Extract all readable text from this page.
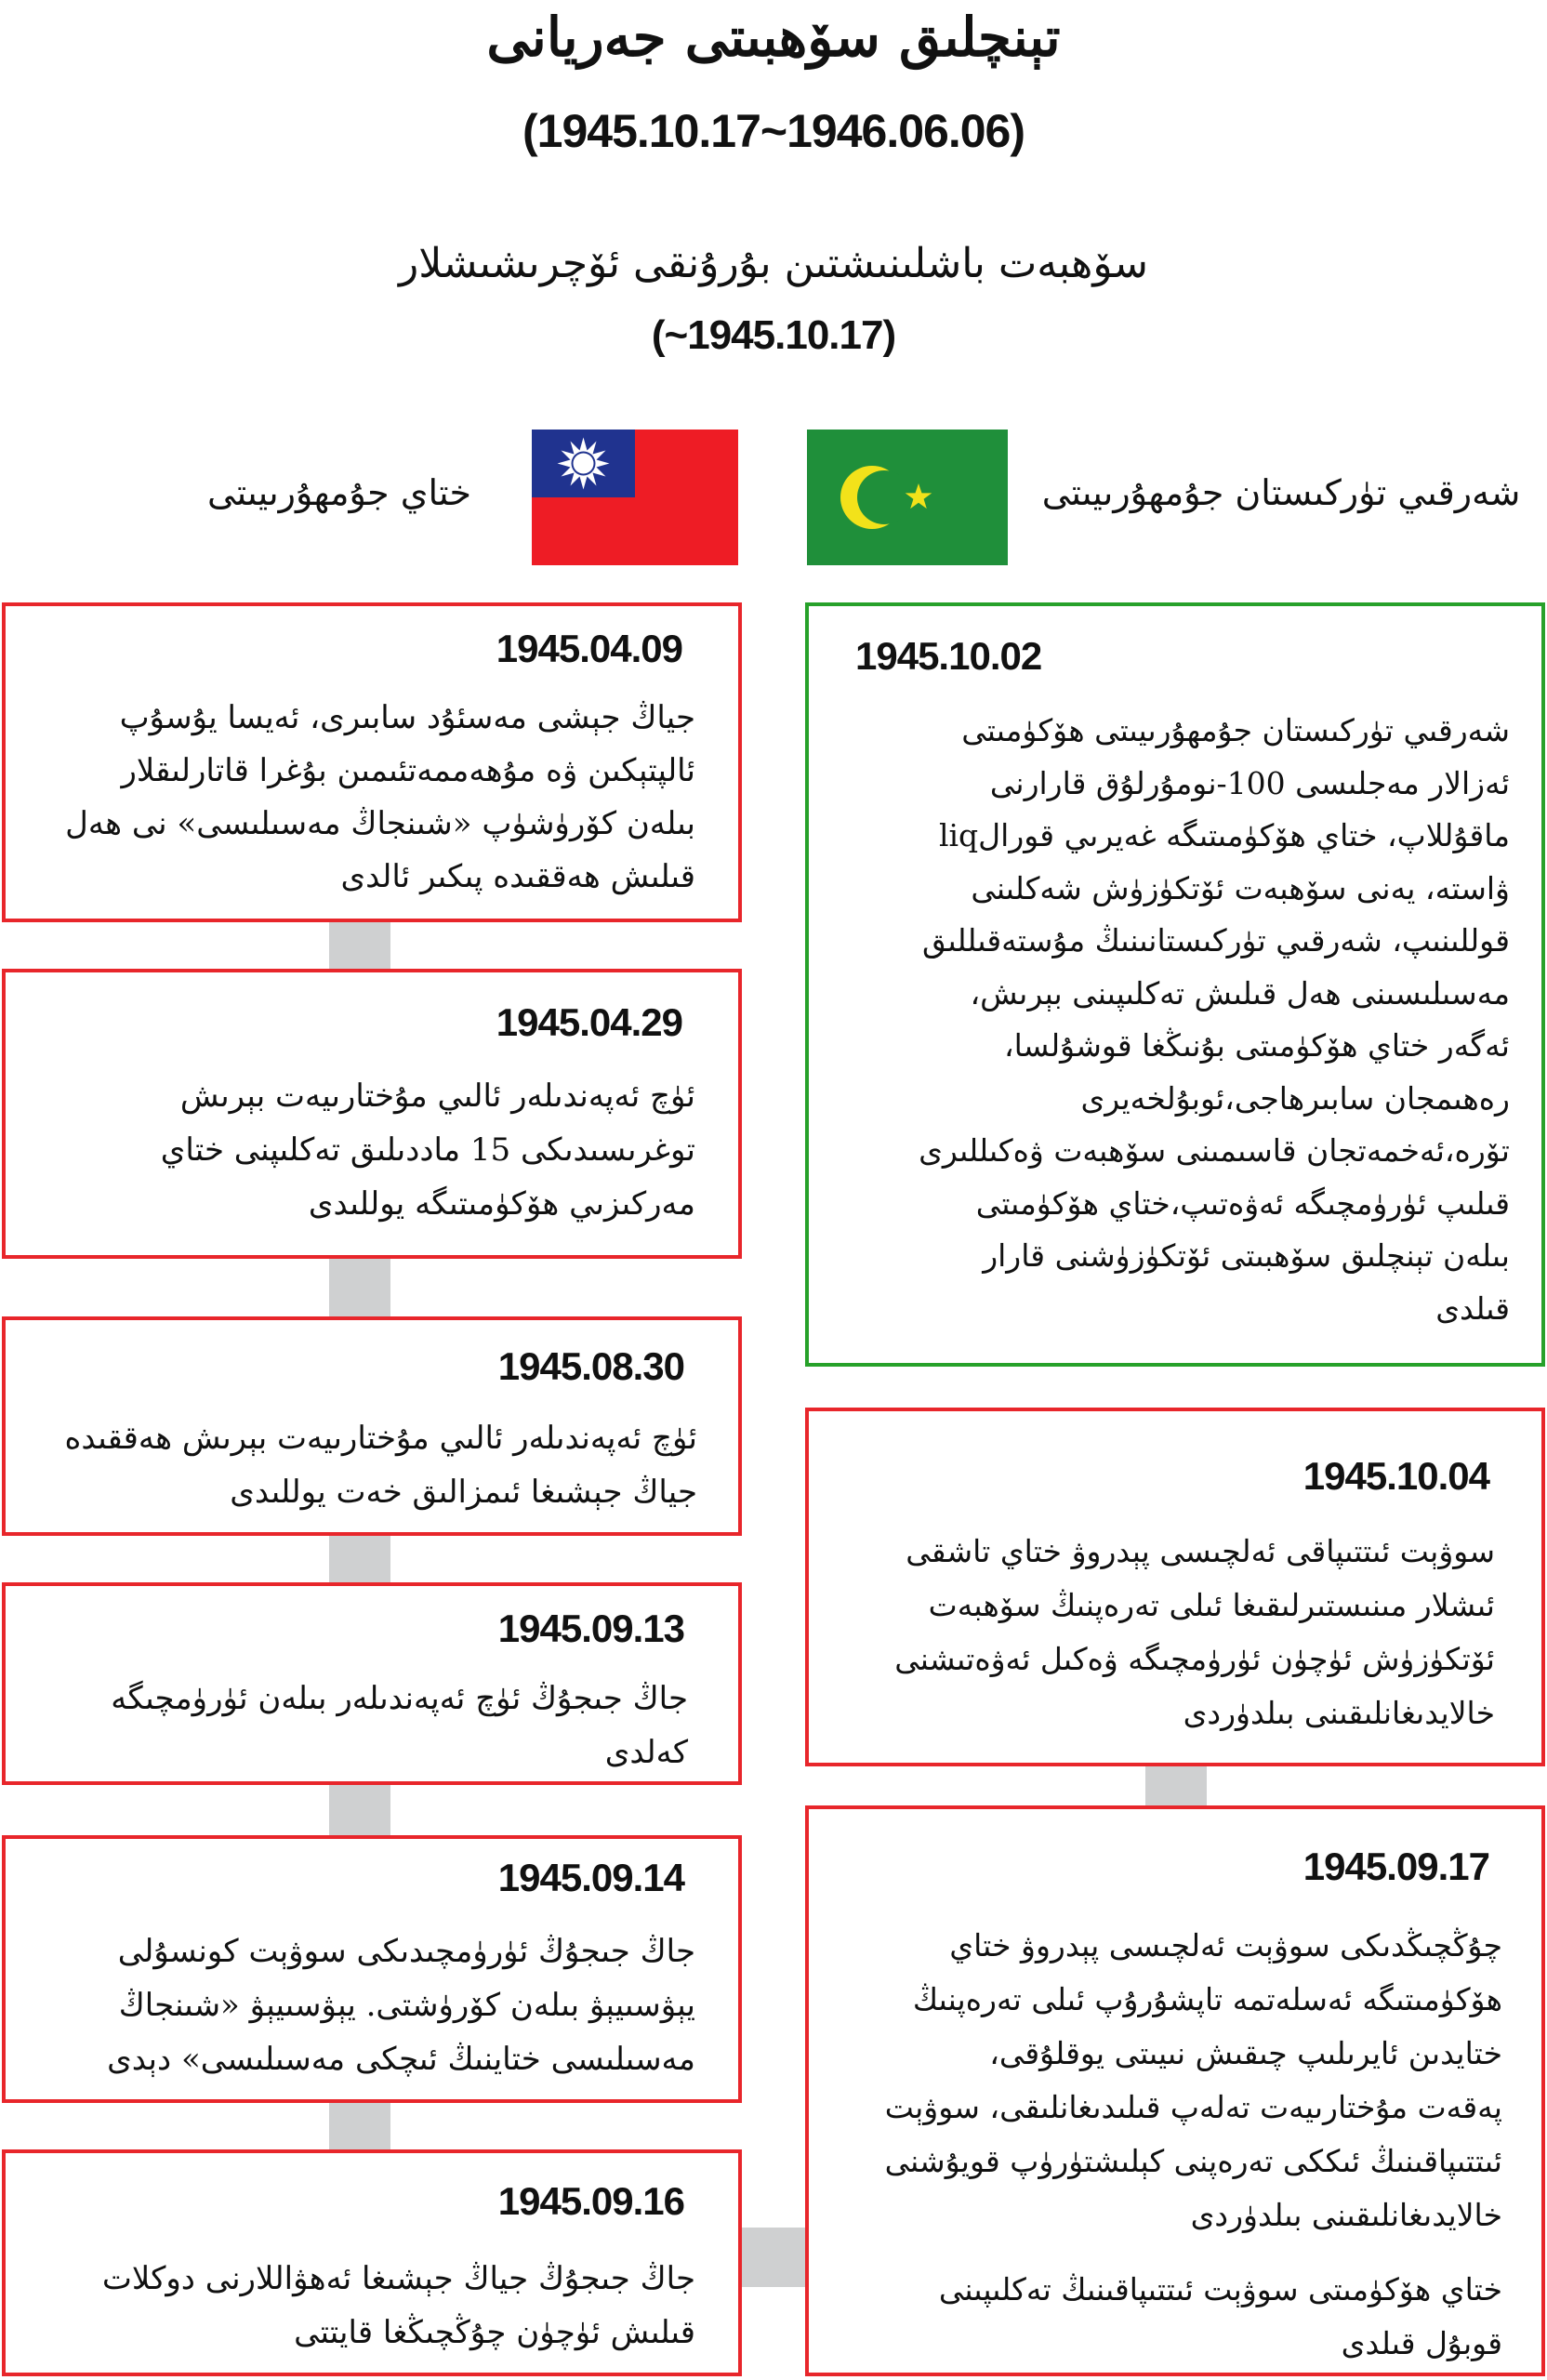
تېنچلىق سۆھبىتى جەريانى
(1945.10.17~1946.06.06)
سۆھبەت باشلىنىشتىن بۇرۇنقى ئۆچرىشىشلار
(~1945.10.17)
ختاي جۇمھۇرىيىتى	شەرقىي تۈركىستان جۇمھۇرىيىتى
1945.04.09
جياڭ جېشى مەسئۇد سابىرى، ئەيسا يۇسۇپ
ئالپتېكىن ۋە مۇھەممەتئىمىن بۇغرا قاتارلىقلار
بىلەن كۆرۈشۈپ «شىنجاڭ مەسىلىسى» نى ھەل
قىلىش ھەققىدە پىكىر ئالدى
1945.04.29
ئۈچ ئەپەندىلەر ئالىي مۇختارىيەت بېرىش
توغرىسىدىكى 15 ماددىلىق تەكلىپنى ختاي
مەركىزىي ھۆكۈمىتىگە يوللىدى
1945.08.30
ئۈچ ئەپەندىلەر ئالىي مۇختارىيەت بېرىش ھەققىدە
جياڭ جېشىغا ئىمزالىق خەت يوللىدى
1945.09.13
جاڭ جىجۇڭ ئۈچ ئەپەندىلەر بىلەن ئۈرۈمچىگە
كەلدى
1945.09.14
جاڭ جىجۇڭ ئۈرۈمچىدىكى سوۋېت كونسۇلى
يېۋسىيېۋ بىلەن كۆرۈشتى. يېۋسىيېۋ «شىنجاڭ
مەسىلىسى ختاينىڭ ئىچكى مەسىلىسى» دېدى
1945.09.16
جاڭ جىجۇڭ جياڭ جېشىغا ئەھۋاللارنى دوكلات
قىلىش ئۈچۈن چۇڭچىڭغا قايتتى
1945.10.02
شەرقىي تۈركىستان جۇمھۇرىيىتى ھۆكۈمىتى
ئەزالار مەجلىسى 100-نومۇرلۇق قارارنى
ماقۇللاپ، ختاي ھۆكۈمىتىگە غەيرىي قورالliq
ۋاستە، يەنى سۆھبەت ئۆتكۈزۈش شەكلىنى
قوللىنىپ، شەرقىي تۈركىستانىنىڭ مۇستەقىللىق
مەسىلىسىنى ھەل قىلىش تەكلىپىنى بېرىش،
ئەگەر ختاي ھۆكۈمىتى بۇنىڭغا قوشۇلسا،
رەھىمجان سابىرھاجى،ئوبۇلخەيرى
تۆرە،ئەخمەتجان قاسىمىنى سۆھبەت ۋەكىللىرى
قىلىپ ئۈرۈمچىگە ئەۋەتىپ،ختاي ھۆكۈمىتى
بىلەن تېنچلىق سۆھبىتى ئۆتكۈزۈشنى قارار
قىلدى
1945.10.04
سوۋېت ئىتتىپاقى ئەلچىسى پېدروۋ ختاي تاشقى
ئىشلار مىنىستىرلىقىغا ئىلى تەرەپنىڭ سۆھبەت
ئۆتكۈزۈش ئۈچۈن ئۈرۈمچىگە ۋەكىل ئەۋەتىشنى
خالايدىغانلىقىنى بىلدۈردى
1945.09.17
چۇڭچىڭدىكى سوۋېت ئەلچىسى پېدروۋ ختاي
ھۆكۈمىتىگە ئەسلەتمە تاپشۇرۇپ ئىلى تەرەپنىڭ
ختايدىن ئايرىلىپ چىقىش نىيىتى يوقلۇقى،
پەقەت مۇختارىيەت تەلەپ قىلىدىغانلىقى، سوۋېت
ئىتتىپاقىنىڭ ئىككى تەرەپنى كېلىشتۈرۈپ قويۇشنى
خالايدىغانلىقىنى بىلدۈردى
ختاي ھۆكۈمىتى سوۋېت ئىتتىپاقىنىڭ تەكلىپىنى
قوبۇل قىلدى
